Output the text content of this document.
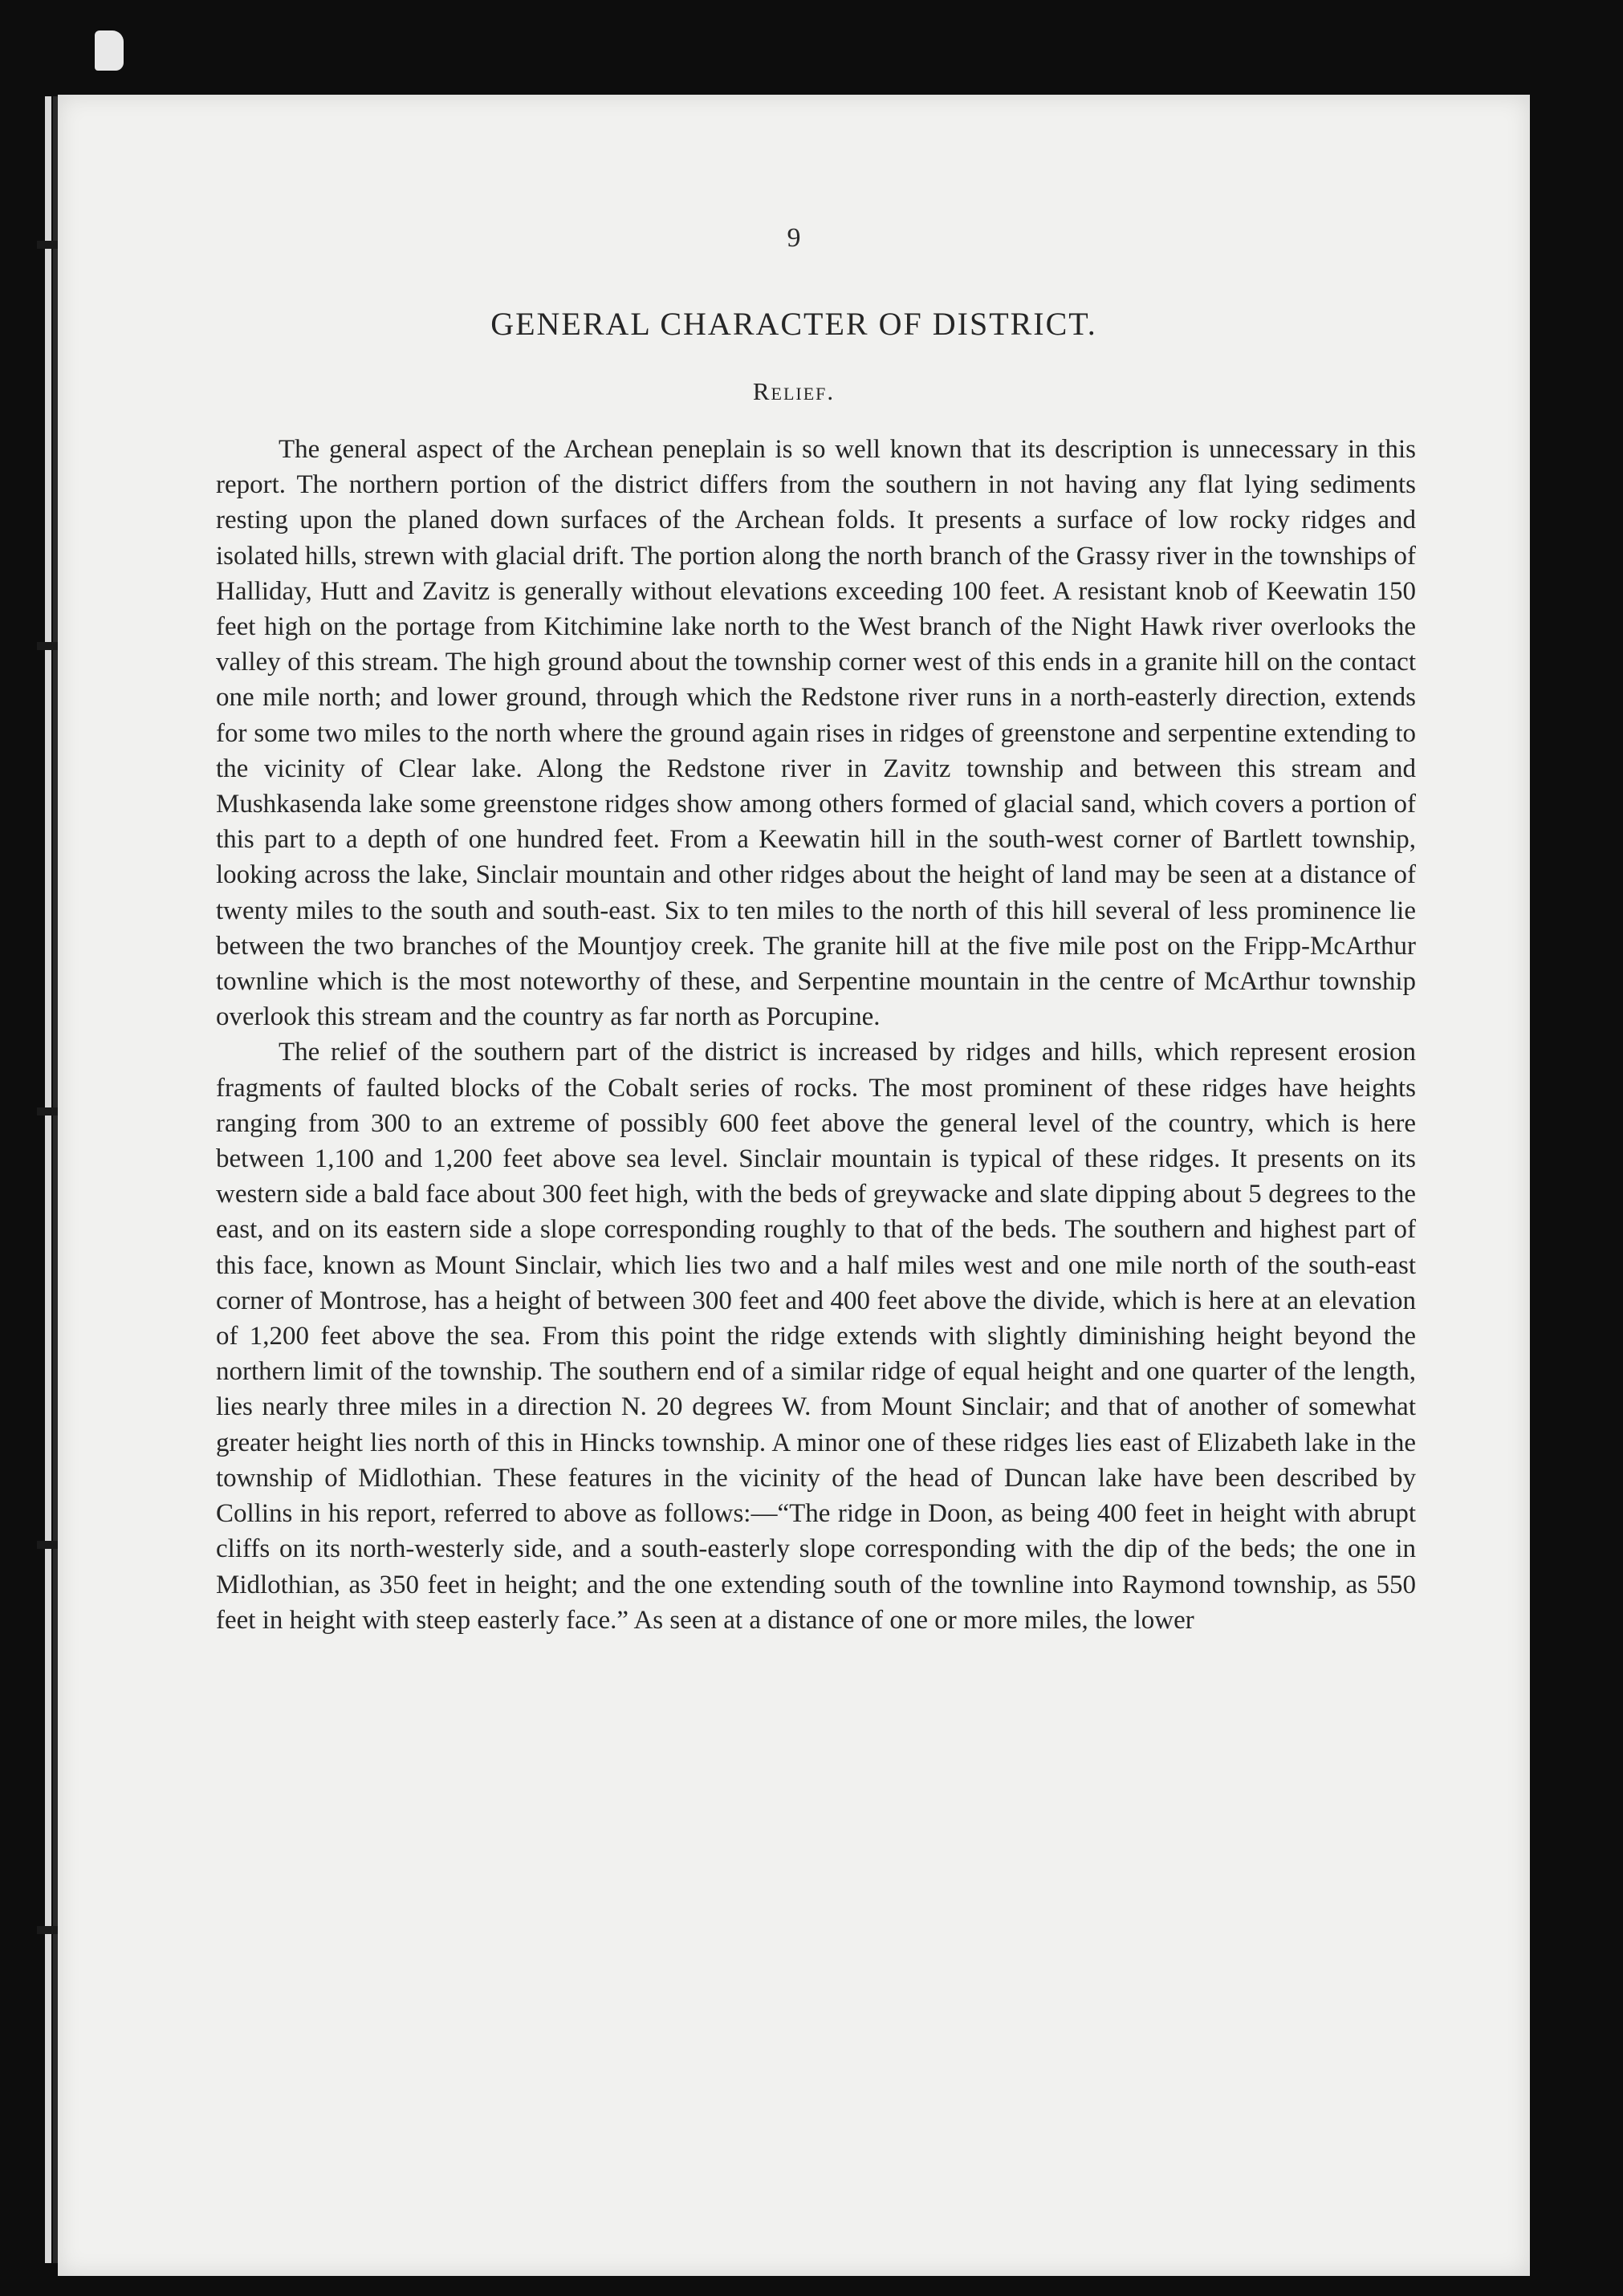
9
GENERAL CHARACTER OF DISTRICT.
Relief.

The general aspect of the Archean peneplain is so well known that its description is unnecessary in this report. The northern portion of the district differs from the southern in not having any flat lying sediments resting upon the planed down surfaces of the Archean folds. It presents a surface of low rocky ridges and isolated hills, strewn with glacial drift. The portion along the north branch of the Grassy river in the townships of Halliday, Hutt and Zavitz is generally without elevations exceeding 100 feet. A resistant knob of Keewatin 150 feet high on the portage from Kitchimine lake north to the West branch of the Night Hawk river overlooks the valley of this stream. The high ground about the township corner west of this ends in a granite hill on the contact one mile north; and lower ground, through which the Redstone river runs in a north-easterly direction, extends for some two miles to the north where the ground again rises in ridges of greenstone and serpentine extending to the vicinity of Clear lake. Along the Redstone river in Zavitz township and between this stream and Mushkasenda lake some greenstone ridges show among others formed of glacial sand, which covers a portion of this part to a depth of one hundred feet. From a Keewatin hill in the south-west corner of Bartlett township, looking across the lake, Sinclair mountain and other ridges about the height of land may be seen at a distance of twenty miles to the south and south-east. Six to ten miles to the north of this hill several of less prominence lie between the two branches of the Mountjoy creek. The granite hill at the five mile post on the Fripp-McArthur townline which is the most noteworthy of these, and Serpentine mountain in the centre of McArthur township overlook this stream and the country as far north as Porcupine.

The relief of the southern part of the district is increased by ridges and hills, which represent erosion fragments of faulted blocks of the Cobalt series of rocks. The most prominent of these ridges have heights ranging from 300 to an extreme of possibly 600 feet above the general level of the country, which is here between 1,100 and 1,200 feet above sea level. Sinclair mountain is typical of these ridges. It presents on its western side a bald face about 300 feet high, with the beds of greywacke and slate dipping about 5 degrees to the east, and on its eastern side a slope corresponding roughly to that of the beds. The southern and highest part of this face, known as Mount Sinclair, which lies two and a half miles west and one mile north of the south-east corner of Montrose, has a height of between 300 feet and 400 feet above the divide, which is here at an elevation of 1,200 feet above the sea. From this point the ridge extends with slightly diminishing height beyond the northern limit of the township. The southern end of a similar ridge of equal height and one quarter of the length, lies nearly three miles in a direction N. 20 degrees W. from Mount Sinclair; and that of another of somewhat greater height lies north of this in Hincks township. A minor one of these ridges lies east of Elizabeth lake in the township of Midlothian. These features in the vicinity of the head of Duncan lake have been described by Collins in his report, referred to above as follows:—“The ridge in Doon, as being 400 feet in height with abrupt cliffs on its north-westerly side, and a south-easterly slope corresponding with the dip of the beds; the one in Midlothian, as 350 feet in height; and the one extending south of the townline into Raymond township, as 550 feet in height with steep easterly face.” As seen at a distance of one or more miles, the lower
